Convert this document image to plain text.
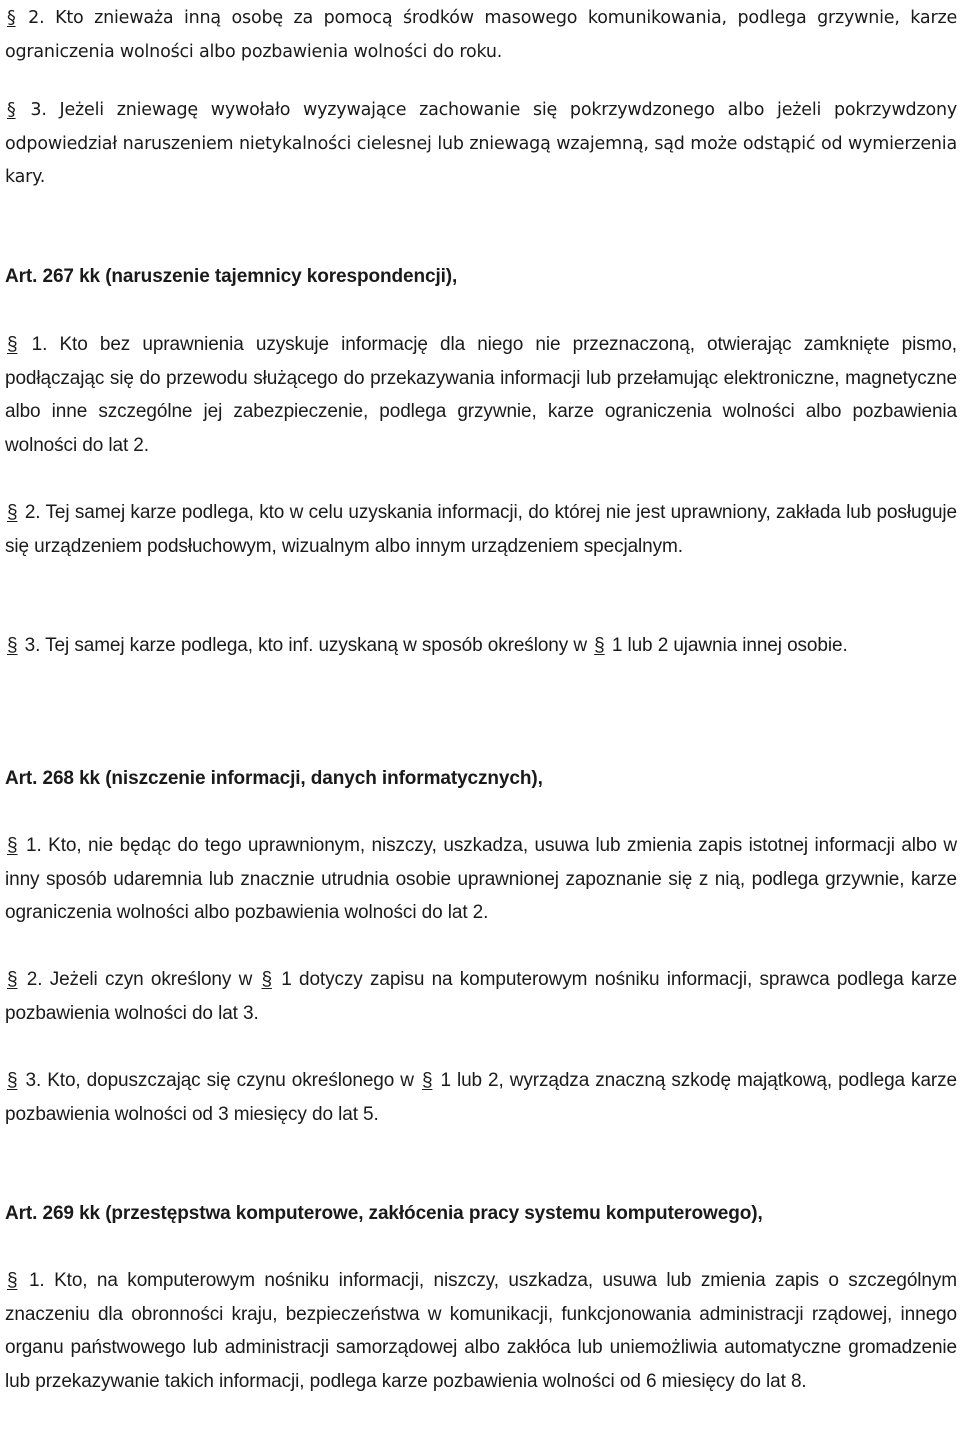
§ 2. Kto znieważa inną osobę za pomocą środków masowego komunikowania, podlega grzywnie, karze ograniczenia wolności albo pozbawienia wolności do roku.

§ 3. Jeżeli zniewagę wywołało wyzywające zachowanie się pokrzywdzonego albo jeżeli pokrzywdzony odpowiedział naruszeniem nietykalności cielesnej lub zniewagą wzajemną, sąd może odstąpić od wymierzenia kary.

Art. 267 kk (naruszenie tajemnicy korespondencji),

§ 1. Kto bez uprawnienia uzyskuje informację dla niego nie przeznaczoną, otwierając zamknięte pismo, podłączając się do przewodu służącego do przekazywania informacji lub przełamując elektroniczne, magnetyczne albo inne szczególne jej zabezpieczenie, podlega grzywnie, karze ograniczenia wolności albo pozbawienia wolności do lat 2.

§ 2. Tej samej karze podlega, kto w celu uzyskania informacji, do której nie jest uprawniony, zakłada lub posługuje się urządzeniem podsłuchowym, wizualnym albo innym urządzeniem specjalnym.

§ 3. Tej samej karze podlega, kto inf. uzyskaną w sposób określony w § 1 lub 2 ujawnia innej osobie.

Art. 268 kk (niszczenie informacji, danych informatycznych),

§ 1. Kto, nie będąc do tego uprawnionym, niszczy, uszkadza, usuwa lub zmienia zapis istotnej informacji albo w inny sposób udaremnia lub znacznie utrudnia osobie uprawnionej zapoznanie się z nią, podlega grzywnie, karze ograniczenia wolności albo pozbawienia wolności do lat 2.

§ 2. Jeżeli czyn określony w § 1 dotyczy zapisu na komputerowym nośniku informacji, sprawca podlega karze pozbawienia wolności do lat 3.

§ 3. Kto, dopuszczając się czynu określonego w § 1 lub 2, wyrządza znaczną szkodę majątkową, podlega karze pozbawienia wolności od 3 miesięcy do lat 5.

Art. 269 kk (przestępstwa komputerowe, zakłócenia pracy systemu komputerowego),

§ 1. Kto, na komputerowym nośniku informacji, niszczy, uszkadza, usuwa lub zmienia zapis o szczególnym znaczeniu dla obronności kraju, bezpieczeństwa w komunikacji, funkcjonowania administracji rządowej, innego organu państwowego lub administracji samorządowej albo zakłóca lub uniemożliwia automatyczne gromadzenie lub przekazywanie takich informacji, podlega karze pozbawienia wolności od 6 miesięcy do lat 8.
